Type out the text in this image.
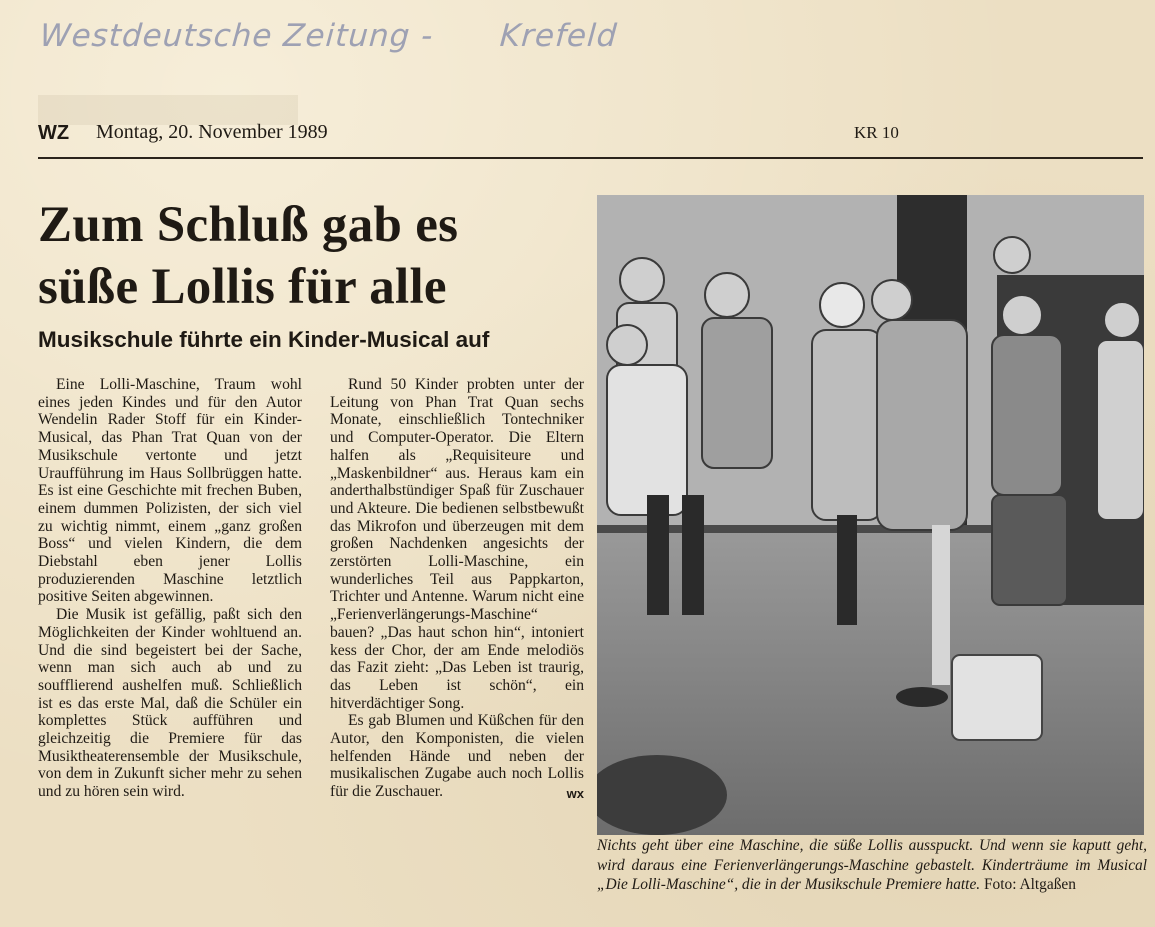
Westdeutsche Zeitung - Krefeld
WZ Montag, 20. November 1989	KR 10
Zum Schluß gab es
süße Lollis für alle
Musikschule führte ein Kinder-Musical auf

Eine Lolli-Maschine, Traum wohl eines jeden Kindes und für den Autor Wendelin Rader Stoff für ein Kinder-Musical, das Phan Trat Quan von der Musikschule vertonte und jetzt Uraufführung im Haus Sollbrüggen hatte. Es ist eine Geschichte mit frechen Buben, einem dummen Polizisten, der sich viel zu wichtig nimmt, einem „ganz großen Boss“ und vielen Kindern, die dem Diebstahl eben jener Lollis produzierenden Maschine letztlich positive Seiten abgewinnen.

Die Musik ist gefällig, paßt sich den Möglichkeiten der Kinder wohltuend an. Und die sind begeistert bei der Sache, wenn man sich auch ab und zu soufflierend aushelfen muß. Schließlich ist es das erste Mal, daß die Schüler ein komplettes Stück aufführen und gleichzeitig die Premiere für das Musiktheaterensemble der Musikschule, von dem in Zukunft sicher mehr zu sehen und zu hören sein wird.

Rund 50 Kinder probten unter der Leitung von Phan Trat Quan sechs Monate, einschließlich Tontechniker und Computer-Operator. Die Eltern halfen als „Requisiteure und „Maskenbildner“ aus. Heraus kam ein anderthalbstündiger Spaß für Zuschauer und Akteure. Die bedienen selbstbewußt das Mikrofon und überzeugen mit dem großen Nachdenken angesichts der zerstörten Lolli-Maschine, ein wunderliches Teil aus Pappkarton, Trichter und Antenne. Warum nicht eine „Ferienverlängerungs-Maschine“ bauen? „Das haut schon hin“, intoniert kess der Chor, der am Ende melodiös das Fazit zieht: „Das Leben ist traurig, das Leben ist schön“, ein hitverdächtiger Song.

Es gab Blumen und Küßchen für den Autor, den Komponisten, die vielen helfenden Hände und neben der musikalischen Zugabe auch noch Lollis für die Zuschauer.	wx

Nichts geht über eine Maschine, die süße Lollis ausspuckt. Und wenn sie kaputt geht, wird daraus eine Ferienverlängerungs-Maschine gebastelt. Kinderträume im Musical „Die Lolli-Maschine“, die in der Musikschule Premiere hatte. Foto: Altgaßen
